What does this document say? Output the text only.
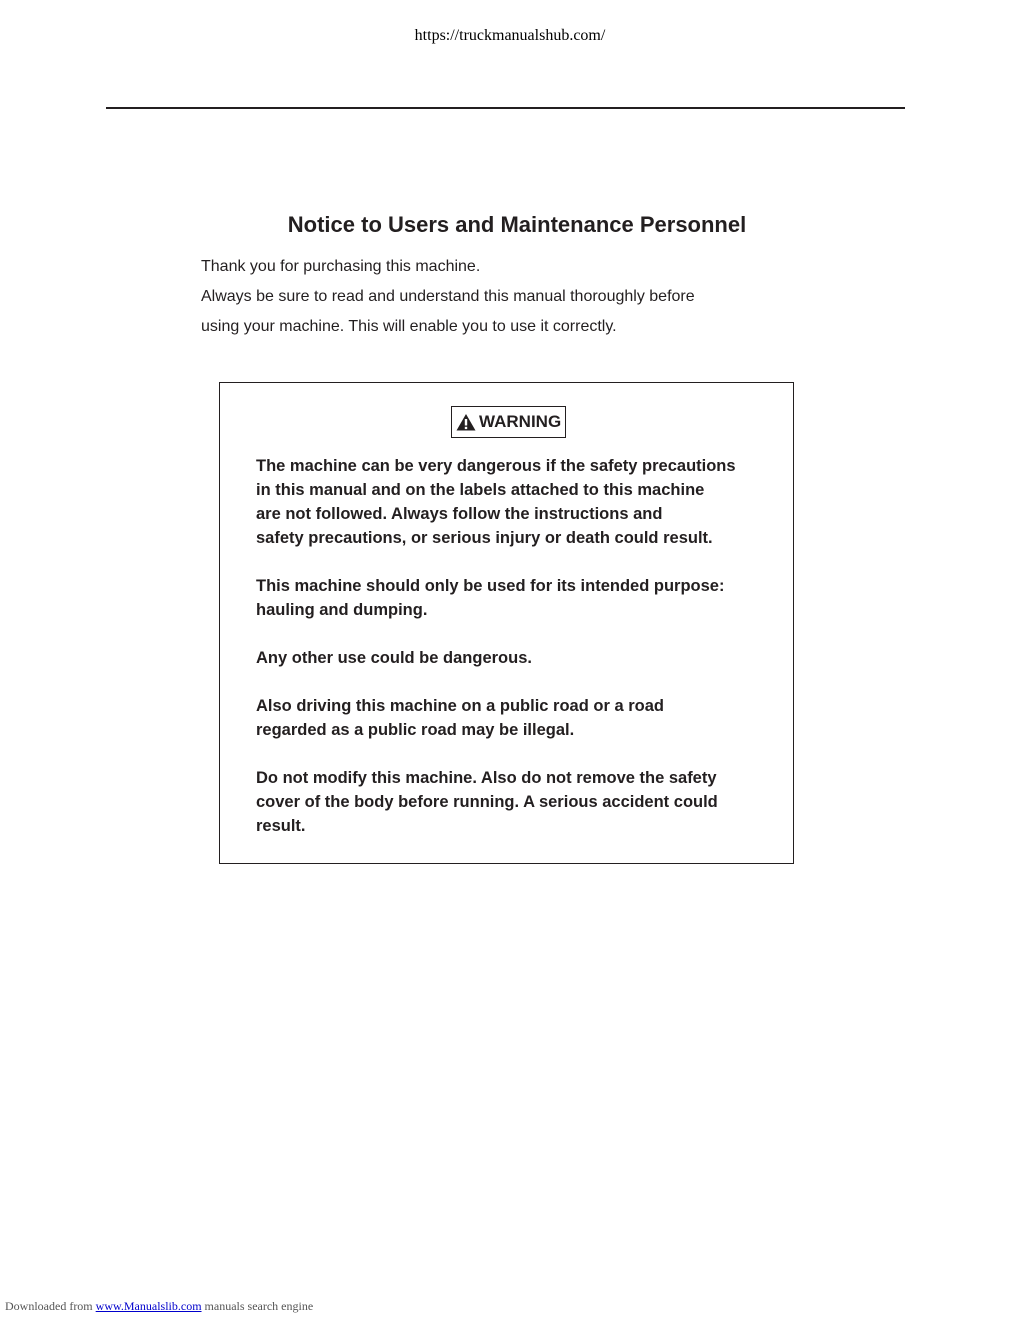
https://truckmanualshub.com/
Notice to Users and Maintenance Personnel

Thank you for purchasing this machine.

Always be sure to read and understand this manual thoroughly before

using your machine. This will enable you to use it correctly.

WARNING

The machine can be very dangerous if the safety precautions
in this manual and on the labels attached to this machine
are not followed. Always follow the instructions and
safety precautions, or serious injury or death could result.

This machine should only be used for its intended purpose:
hauling and dumping.

Any other use could be dangerous.

Also driving this machine on a public road or a road
regarded as a public road may be illegal.

Do not modify this machine. Also do not remove the safety
cover of the body before running. A serious accident could
result.

Downloaded from www.Manualslib.com manuals search engine
